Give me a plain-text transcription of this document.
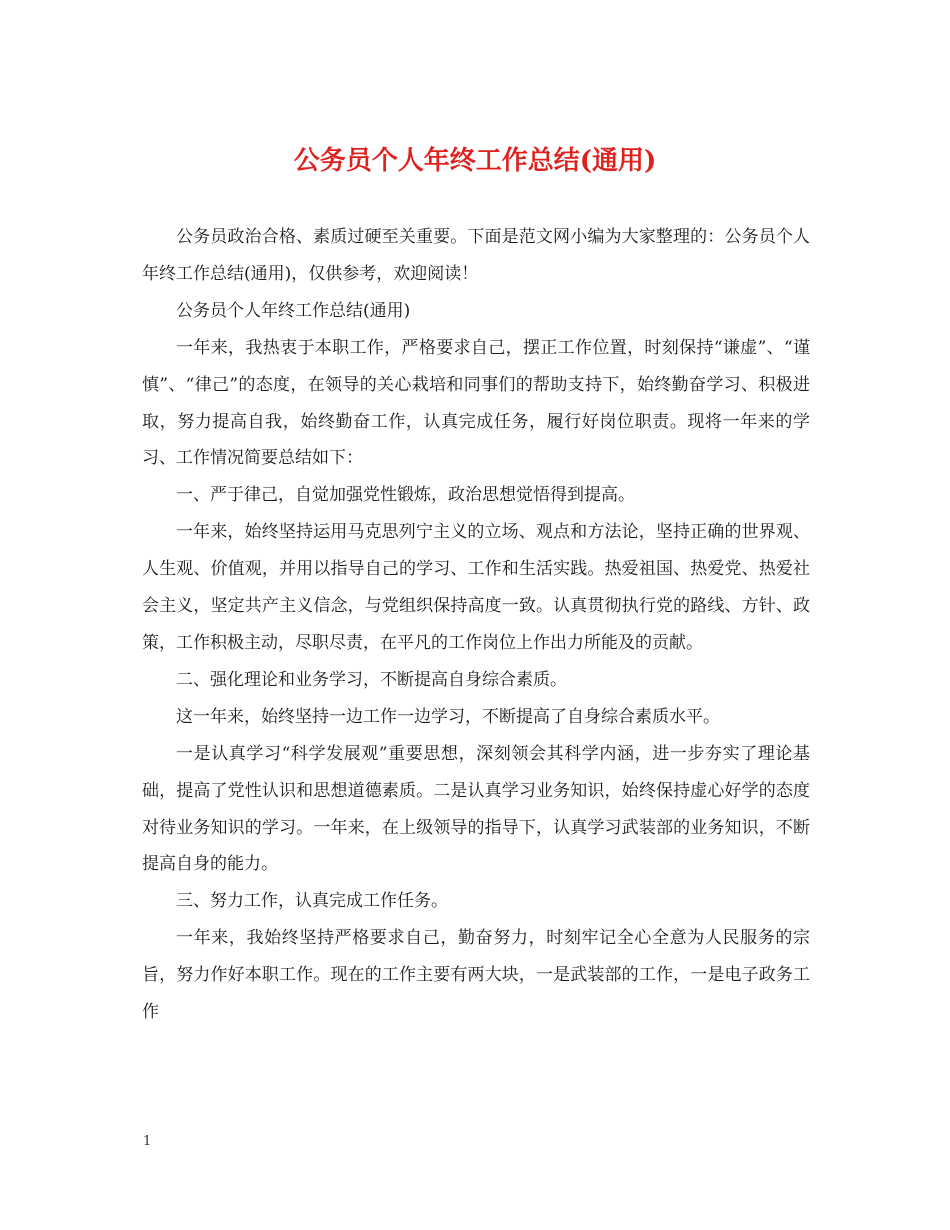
公务员个人年终工作总结(通用)

公务员政治合格、素质过硬至关重要。下面是范文网小编为大家整理的：公务员个人年终工作总结(通用)，仅供参考，欢迎阅读！

公务员个人年终工作总结(通用)

一年来，我热衷于本职工作，严格要求自己，摆正工作位置，时刻保持“谦虚”、“谨慎”、“律己”的态度，在领导的关心栽培和同事们的帮助支持下，始终勤奋学习、积极进取，努力提高自我，始终勤奋工作，认真完成任务，履行好岗位职责。现将一年来的学习、工作情况简要总结如下：

一、严于律己，自觉加强党性锻炼，政治思想觉悟得到提高。

一年来，始终坚持运用马克思列宁主义的立场、观点和方法论，坚持正确的世界观、人生观、价值观，并用以指导自己的学习、工作和生活实践。热爱祖国、热爱党、热爱社会主义，坚定共产主义信念，与党组织保持高度一致。认真贯彻执行党的路线、方针、政策，工作积极主动，尽职尽责，在平凡的工作岗位上作出力所能及的贡献。

二、强化理论和业务学习，不断提高自身综合素质。

这一年来，始终坚持一边工作一边学习，不断提高了自身综合素质水平。

一是认真学习“科学发展观”重要思想，深刻领会其科学内涵，进一步夯实了理论基础，提高了党性认识和思想道德素质。二是认真学习业务知识，始终保持虚心好学的态度对待业务知识的学习。一年来，在上级领导的指导下，认真学习武装部的业务知识，不断提高自身的能力。

三、努力工作，认真完成工作任务。

一年来，我始终坚持严格要求自己，勤奋努力，时刻牢记全心全意为人民服务的宗旨，努力作好本职工作。现在的工作主要有两大块，一是武装部的工作，一是电子政务工作

1
